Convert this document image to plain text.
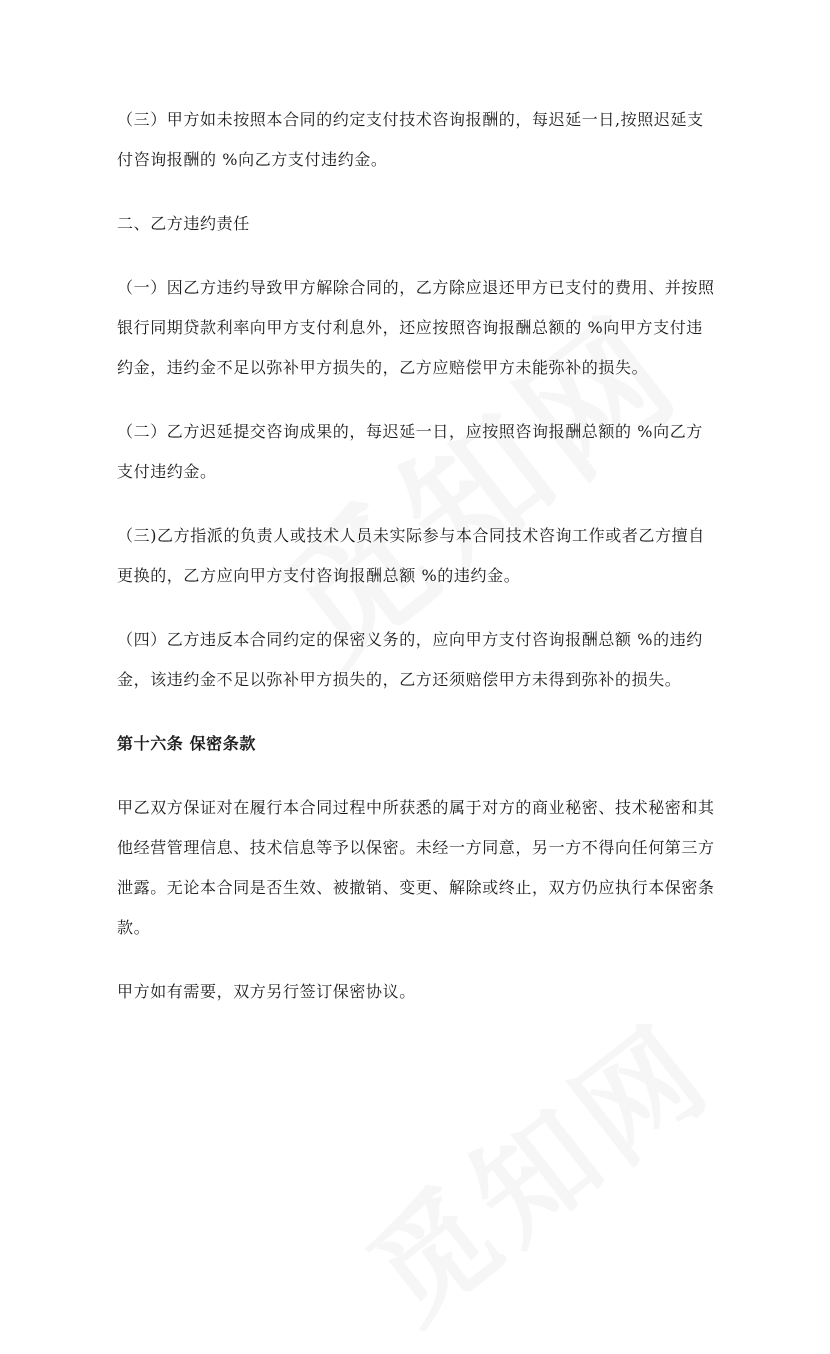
（三）甲方如未按照本合同的约定支付技术咨询报酬的，每迟延一日,按照迟延支付咨询报酬的 %向乙方支付违约金。

二、乙方违约责任

（一）因乙方违约导致甲方解除合同的，乙方除应退还甲方已支付的费用、并按照银行同期贷款利率向甲方支付利息外，还应按照咨询报酬总额的 %向甲方支付违约金，违约金不足以弥补甲方损失的，乙方应赔偿甲方未能弥补的损失。

（二）乙方迟延提交咨询成果的，每迟延一日，应按照咨询报酬总额的 %向乙方支付违约金。

（三)乙方指派的负责人或技术人员未实际参与本合同技术咨询工作或者乙方擅自更换的，乙方应向甲方支付咨询报酬总额 %的违约金。

（四）乙方违反本合同约定的保密义务的，应向甲方支付咨询报酬总额 %的违约金，该违约金不足以弥补甲方损失的，乙方还须赔偿甲方未得到弥补的损失。

第十六条 保密条款

甲乙双方保证对在履行本合同过程中所获悉的属于对方的商业秘密、技术秘密和其他经营管理信息、技术信息等予以保密。未经一方同意，另一方不得向任何第三方泄露。无论本合同是否生效、被撤销、变更、解除或终止，双方仍应执行本保密条款。

甲方如有需要，双方另行签订保密协议。
